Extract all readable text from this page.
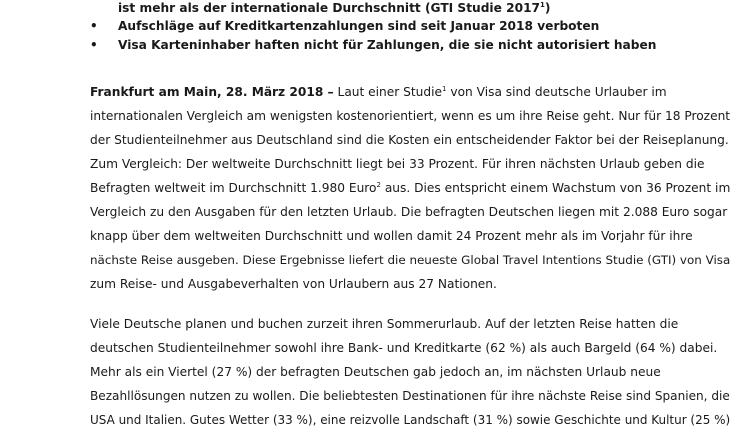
ist mehr als der internationale Durchschnitt (GTI Studie 2017$^1$)
• Aufschläge auf Kreditkartenzahlungen sind seit Januar 2018 verboten
• Visa Karteninhaber haften nicht für Zahlungen, die sie nicht autorisiert haben
Frankfurt am Main, 28. März 2018 – Laut einer Studie$^1$ von Visa sind deutsche Urlauber im
internationalen Vergleich am wenigsten kostenorientiert, wenn es um ihre Reise geht. Nur für 18 Prozent
der Studienteilnehmer aus Deutschland sind die Kosten ein entscheidender Faktor bei der Reiseplanung.
Zum Vergleich: Der weltweite Durchschnitt liegt bei 33 Prozent. Für ihren nächsten Urlaub geben die
Befragten weltweit im Durchschnitt 1.980 Euro$^2$ aus. Dies entspricht einem Wachstum von 36 Prozent im
Vergleich zu den Ausgaben für den letzten Urlaub. Die befragten Deutschen liegen mit 2.088 Euro sogar
knapp über dem weltweiten Durchschnitt und wollen damit 24 Prozent mehr als im Vorjahr für ihre
nächste Reise ausgeben. Diese Ergebnisse liefert die neueste Global Travel Intentions Studie (GTI) von Visa
zum Reise- und Ausgabeverhalten von Urlaubern aus 27 Nationen.
Viele Deutsche planen und buchen zurzeit ihren Sommerurlaub. Auf der letzten Reise hatten die
deutschen Studienteilnehmer sowohl ihre Bank- und Kreditkarte (62 %) als auch Bargeld (64 %) dabei.
Mehr als ein Viertel (27 %) der befragten Deutschen gab jedoch an, im nächsten Urlaub neue
Bezahllösungen nutzen zu wollen. Die beliebtesten Destinationen für ihre nächste Reise sind Spanien, die
USA und Italien. Gutes Wetter (33 %), eine reizvolle Landschaft (31 %) sowie Geschichte und Kultur (25 %)
